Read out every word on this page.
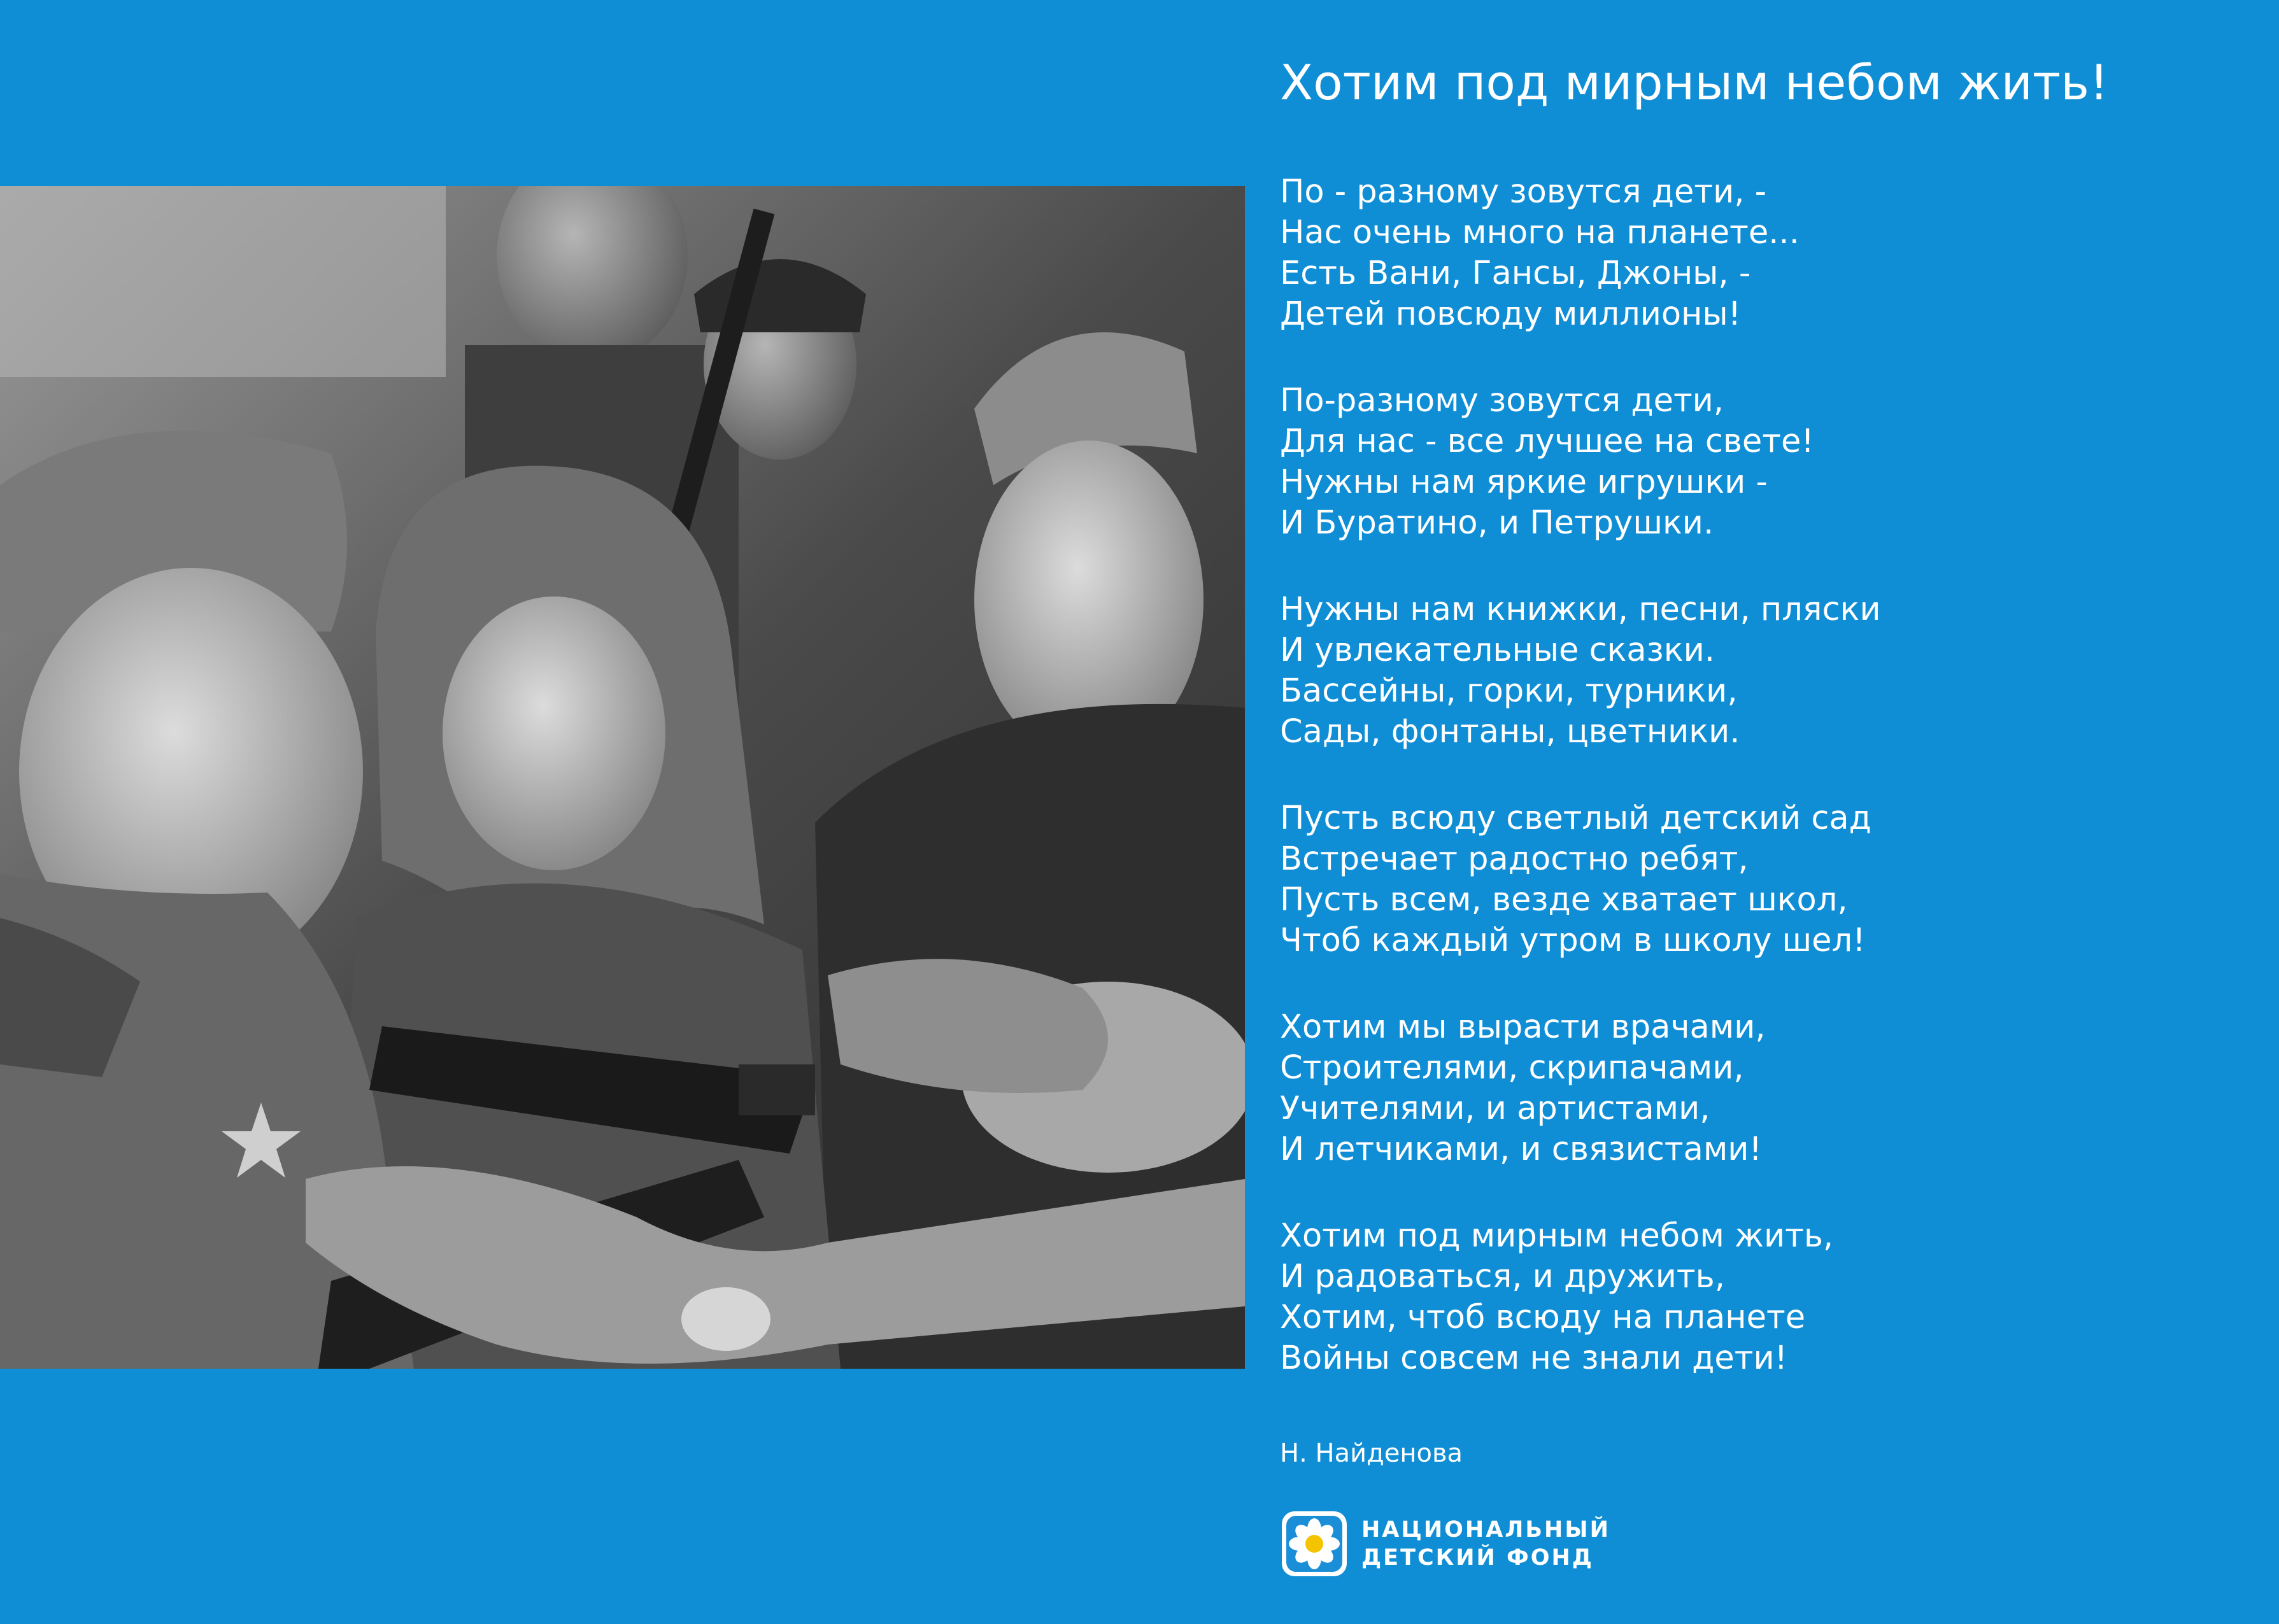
Хотим под мирным небом жить!
По - разному зовутся дети, -
Нас очень много на планете...
Есть Вани, Гансы, Джоны, -
Детей повсюду миллионы!
По-разному зовутся дети,
Для нас - все лучшее на свете!
Нужны нам яркие игрушки -
И Буратино, и Петрушки.
Нужны нам книжки, песни, пляски
И увлекательные сказки.
Бассейны, горки, турники,
Сады, фонтаны, цветники.
Пусть всюду светлый детский сад
Встречает радостно ребят,
Пусть всем, везде хватает школ,
Чтоб каждый утром в школу шел!
Хотим мы вырасти врачами,
Строителями, скрипачами,
Учителями, и артистами,
И летчиками, и связистами!
Хотим под мирным небом жить,
И радоваться, и дружить,
Хотим, чтоб всюду на планете
Войны совсем не знали дети!
Н. Найденова
НАЦИОНАЛЬНЫЙ
ДЕТСКИЙ ФОНД
